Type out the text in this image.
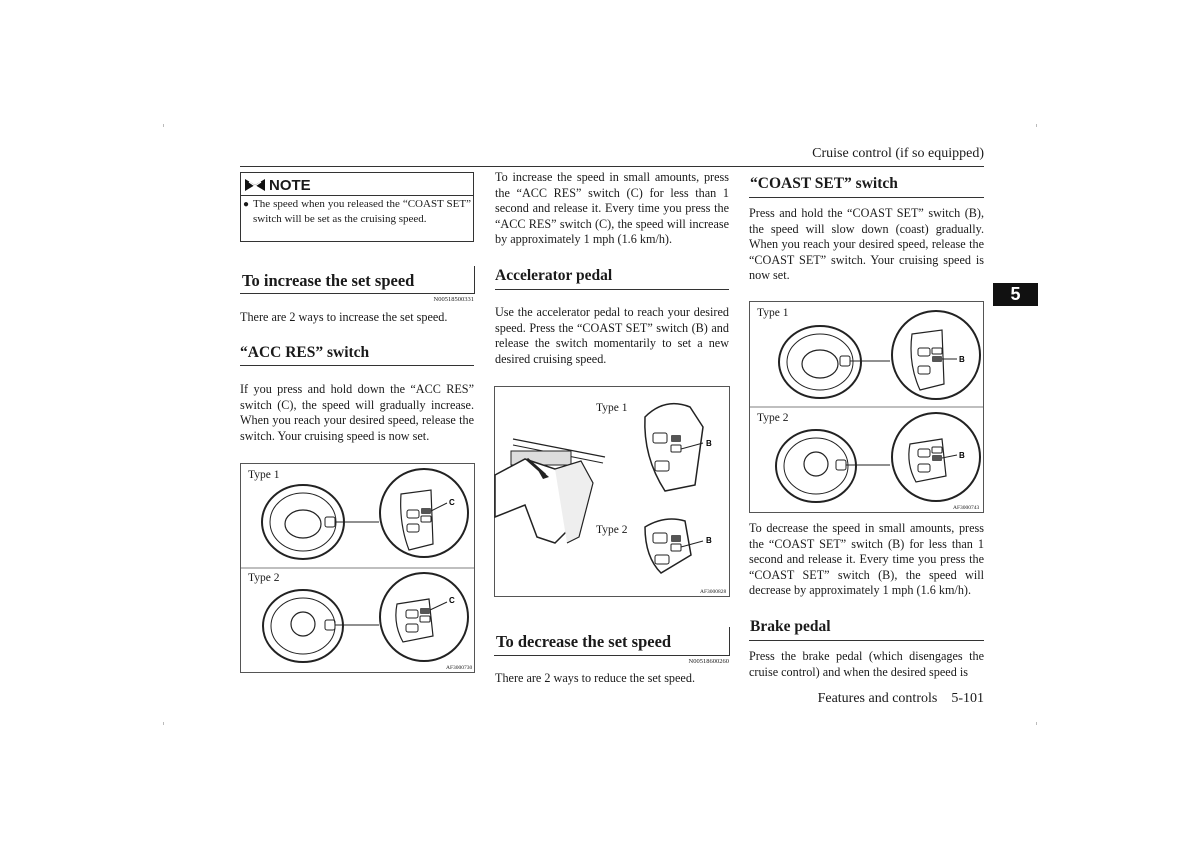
Cruise control (if so equipped)
5
NOTE
● The speed when you released the “COAST SET” switch will be set as the cruising speed.
To increase the set speed
N00518500331
There are 2 ways to increase the set speed.
“ACC RES” switch
If you press and hold down the “ACC RES” switch (C), the speed will gradually increase. When you reach your desired speed, release the switch. Your cruising speed is now set.
Type 1
Type 2
C
C
AF3000730
To increase the speed in small amounts, press the “ACC RES” switch (C) for less than 1 second and release it. Every time you press the “ACC RES” switch (C), the speed will increase by approximately 1 mph (1.6 km/h).
Accelerator pedal
Use the accelerator pedal to reach your desired speed. Press the “COAST SET” switch (B) and release the switch momentarily to set a new desired cruising speed.
Type 1
Type 2
B
B
AF3000828
To decrease the set speed
N00518600260
There are 2 ways to reduce the set speed.
“COAST SET” switch
Press and hold the “COAST SET” switch (B), the speed will slow down (coast) gradually. When you reach your desired speed, release the “COAST SET” switch. Your cruising speed is now set.
Type 1
Type 2
B
B
AF3000743
To decrease the speed in small amounts, press the “COAST SET” switch (B) for less than 1 second and release it. Every time you press the “COAST SET” switch (B), the speed will decrease by approximately 1 mph (1.6 km/h).
Brake pedal
Press the brake pedal (which disengages the cruise control) and when the desired speed is
Features and controls 5-101
